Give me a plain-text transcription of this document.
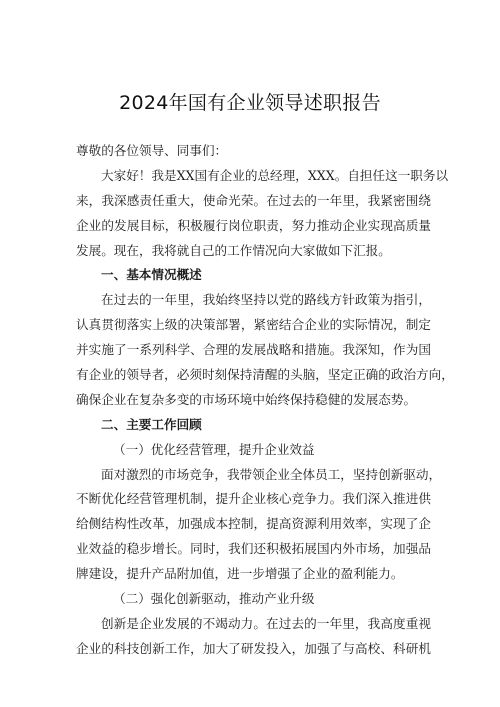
2024年国有企业领导述职报告
尊敬的各位领导、同事们：
大家好！我是XX国有企业的总经理，XXX。自担任这一职务以
来，我深感责任重大，使命光荣。在过去的一年里，我紧密围绕
企业的发展目标，积极履行岗位职责，努力推动企业实现高质量
发展。现在，我将就自己的工作情况向大家做如下汇报。
一、基本情况概述
在过去的一年里，我始终坚持以党的路线方针政策为指引，
认真贯彻落实上级的决策部署，紧密结合企业的实际情况，制定
并实施了一系列科学、合理的发展战略和措施。我深知，作为国
有企业的领导者，必须时刻保持清醒的头脑，坚定正确的政治方向，
确保企业在复杂多变的市场环境中始终保持稳健的发展态势。
二、主要工作回顾
（一）优化经营管理，提升企业效益
面对激烈的市场竞争，我带领企业全体员工，坚持创新驱动，
不断优化经营管理机制，提升企业核心竞争力。我们深入推进供
给侧结构性改革，加强成本控制，提高资源利用效率，实现了企
业效益的稳步增长。同时，我们还积极拓展国内外市场，加强品
牌建设，提升产品附加值，进一步增强了企业的盈利能力。
（二）强化创新驱动，推动产业升级
创新是企业发展的不竭动力。在过去的一年里，我高度重视
企业的科技创新工作，加大了研发投入，加强了与高校、科研机
